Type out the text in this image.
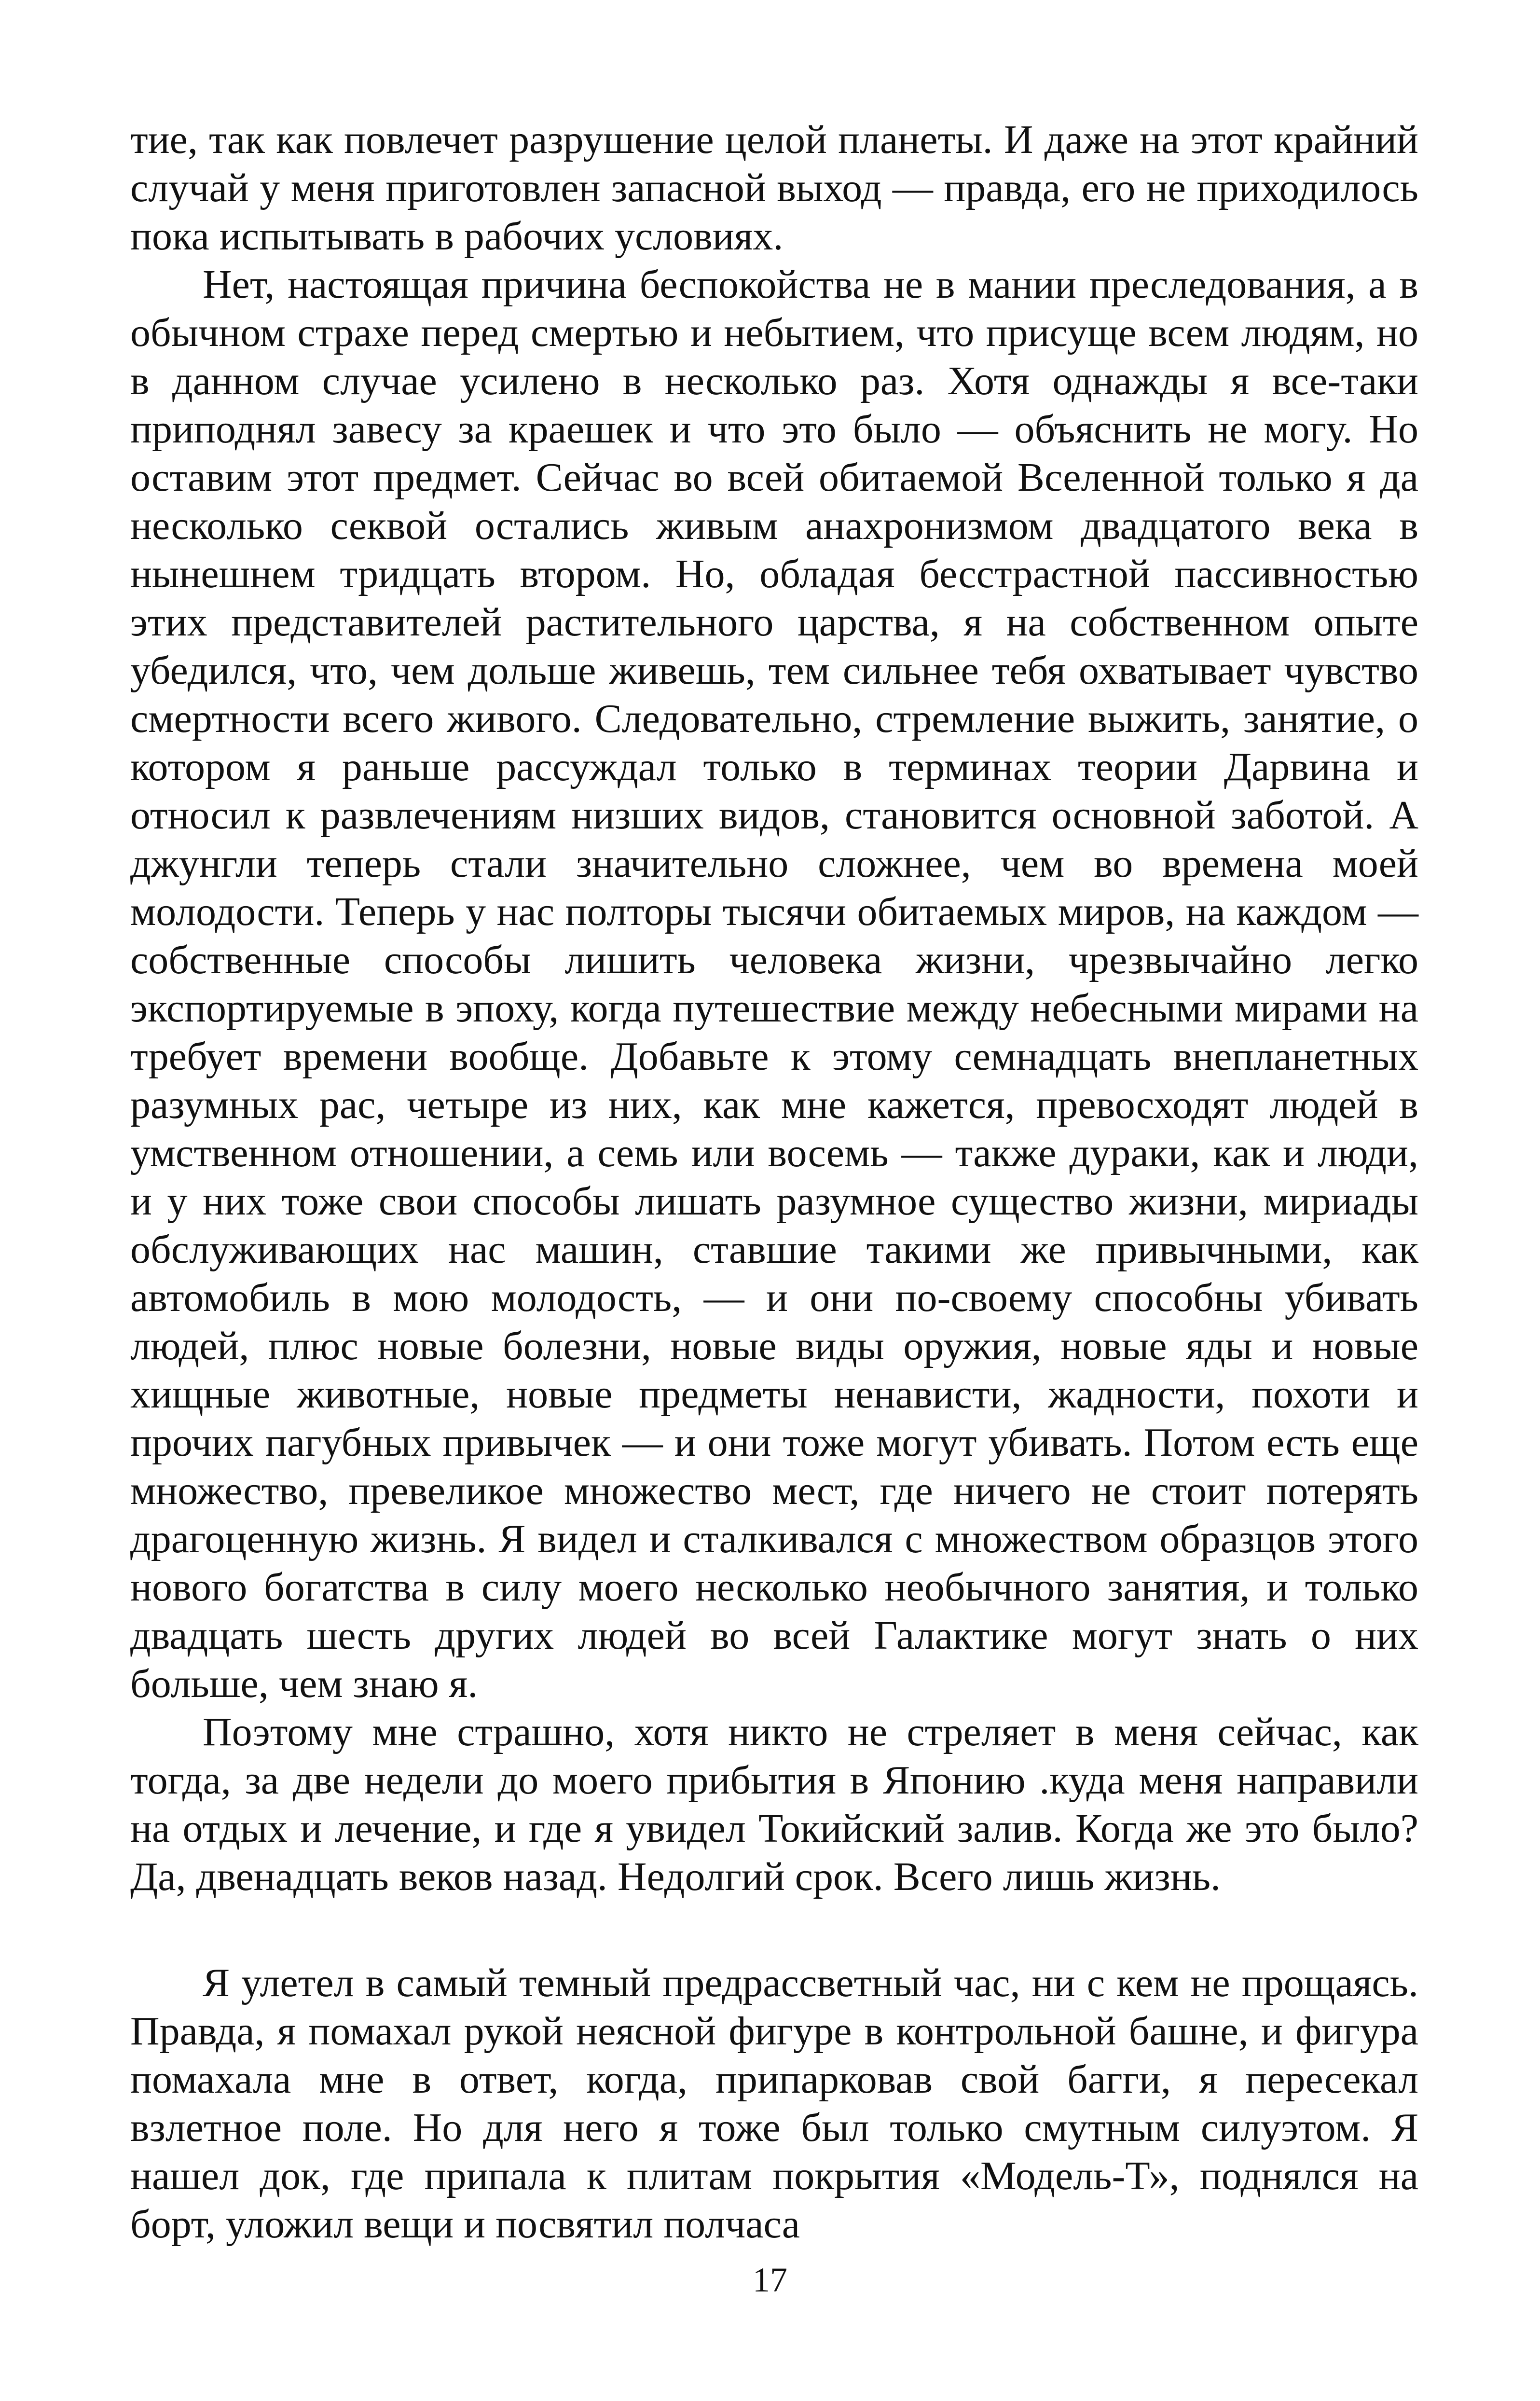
тие, так как повлечет разрушение целой планеты. И даже на этот крайний случай у меня приготовлен запасной выход — правда, его не приходилось пока испытывать в рабочих условиях.

Нет, настоящая причина беспокойства не в мании преследования, а в обычном страхе перед смертью и небытием, что присуще всем людям, но в данном случае усилено в несколько раз. Хотя однажды я все-таки приподнял завесу за краешек и что это было — объяснить не могу. Но оставим этот предмет. Сейчас во всей обитаемой Вселенной только я да несколько секвой остались живым анахронизмом двадцатого века в нынешнем тридцать втором. Но, обладая бесстрастной пассивностью этих представителей растительного царства, я на собственном опыте убедился, что, чем дольше живешь, тем сильнее тебя охватывает чувство смертности всего живого. Следовательно, стремление выжить, занятие, о котором я раньше рассуждал только в терминах теории Дарвина и относил к развлечениям низших видов, становится основной заботой. А джунгли теперь стали значительно сложнее, чем во времена моей молодости. Теперь у нас полторы тысячи обитаемых миров, на каждом — собственные способы лишить человека жизни, чрезвычайно легко экспортируемые в эпоху, когда путешествие между небесными мирами на требует времени вообще. Добавьте к этому семнадцать внепланетных разумных рас, четыре из них, как мне кажется, превосходят людей в умственном отношении, а семь или восемь — также дураки, как и люди, и у них тоже свои способы лишать разумное существо жизни, мириады обслуживающих нас машин, ставшие такими же привычными, как автомобиль в мою молодость, — и они по-своему способны убивать людей, плюс новые болезни, новые виды оружия, новые яды и новые хищные животные, новые предметы ненависти, жадности, похоти и прочих пагубных привычек — и они тоже могут убивать. Потом есть еще множество, превеликое множество мест, где ничего не стоит потерять драгоценную жизнь. Я видел и сталкивался с множеством образцов этого нового богатства в силу моего несколько необычного занятия, и только двадцать шесть других людей во всей Галактике могут знать о них больше, чем знаю я.

Поэтому мне страшно, хотя никто не стреляет в меня сейчас, как тогда, за две недели до моего прибытия в Японию .куда меня направили на отдых и лечение, и где я увидел Токийский залив. Когда же это было? Да, двенадцать веков назад. Недолгий срок. Всего лишь жизнь.

Я улетел в самый темный предрассветный час, ни с кем не прощаясь. Правда, я помахал рукой неясной фигуре в контрольной башне, и фигура помахала мне в ответ, когда, припарковав свой багги, я пересекал взлетное поле. Но для него я тоже был только смутным силуэтом. Я нашел док, где припала к плитам покрытия «Модель-Т», поднялся на борт, уложил вещи и посвятил полчаса

17
